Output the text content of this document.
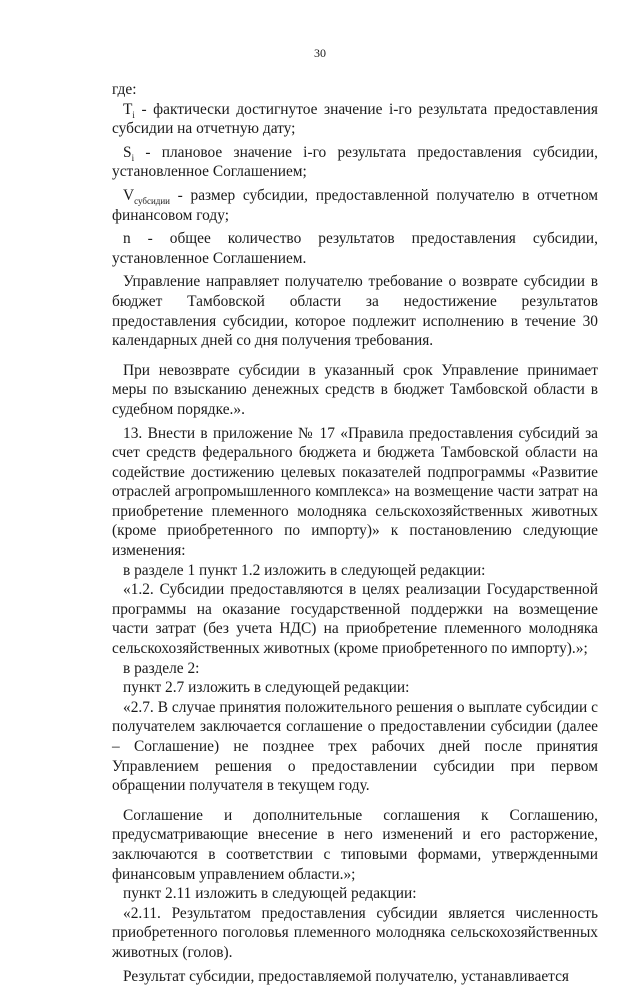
30

где:

$T_i$ - фактически достигнутое значение i-го результата предоставления субсидии на отчетную дату;

$S_i$ - плановое значение i-го результата предоставления субсидии, установленное Соглашением;

$V_{субсидии}$ - размер субсидии, предоставленной получателю в отчетном финансовом году;

n - общее количество результатов предоставления субсидии, установленное Соглашением.

Управление направляет получателю требование о возврате субсидии в бюджет Тамбовской области за недостижение результатов предоставления субсидии, которое подлежит исполнению в течение 30 календарных дней со дня получения требования.

При невозврате субсидии в указанный срок Управление принимает меры по взысканию денежных средств в бюджет Тамбовской области в судебном порядке.».

13. Внести в приложение № 17 «Правила предоставления субсидий за счет средств федерального бюджета и бюджета Тамбовской области на содействие достижению целевых показателей подпрограммы «Развитие отраслей агропромышленного комплекса» на возмещение части затрат на приобретение племенного молодняка сельскохозяйственных животных (кроме приобретенного по импорту)» к постановлению следующие изменения:

в разделе 1 пункт 1.2 изложить в следующей редакции:

«1.2. Субсидии предоставляются в целях реализации Государственной программы на оказание государственной поддержки на возмещение части затрат (без учета НДС) на приобретение племенного молодняка сельскохозяйственных животных (кроме приобретенного по импорту).»;

в разделе 2:

пункт 2.7 изложить в следующей редакции:

«2.7. В случае принятия положительного решения о выплате субсидии с получателем заключается соглашение о предоставлении субсидии (далее – Соглашение) не позднее трех рабочих дней после принятия Управлением решения о предоставлении субсидии при первом обращении получателя в текущем году.

Соглашение и дополнительные соглашения к Соглашению, предусматривающие внесение в него изменений и его расторжение, заключаются в соответствии с типовыми формами, утвержденными финансовым управлением области.»;

пункт 2.11 изложить в следующей редакции:

«2.11. Результатом предоставления субсидии является численность приобретенного поголовья племенного молодняка сельскохозяйственных животных (голов).

Результат субсидии, предоставляемой получателю, устанавливается
